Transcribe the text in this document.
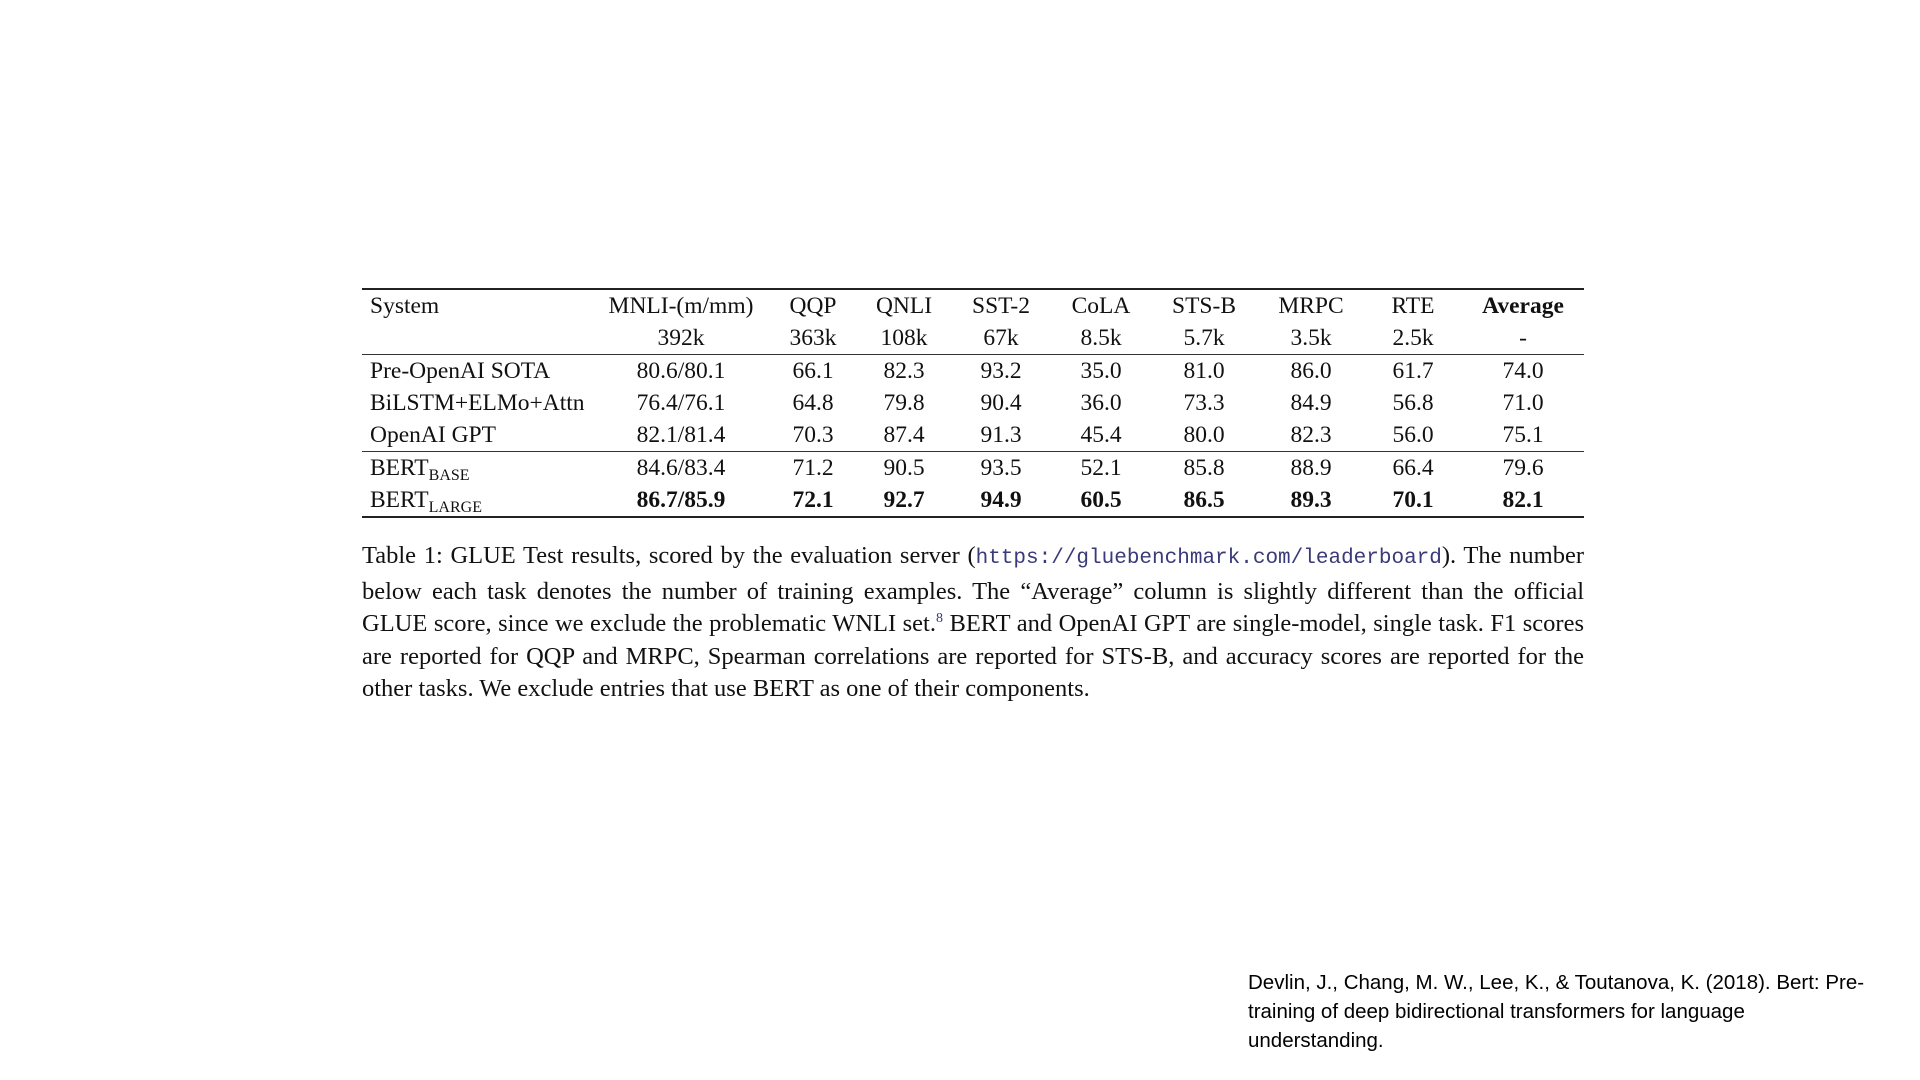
System	MNLI-(m/mm)	QQP	QNLI	SST-2	CoLA	STS-B	MRPC	RTE	Average
	392k	363k	108k	67k	8.5k	5.7k	3.5k	2.5k	-
Pre-OpenAI SOTA	80.6/80.1	66.1	82.3	93.2	35.0	81.0	86.0	61.7	74.0
BiLSTM+ELMo+Attn	76.4/76.1	64.8	79.8	90.4	36.0	73.3	84.9	56.8	71.0
OpenAI GPT	82.1/81.4	70.3	87.4	91.3	45.4	80.0	82.3	56.0	75.1
$BERT_{BASE}$	84.6/83.4	71.2	90.5	93.5	52.1	85.8	88.9	66.4	79.6
$BERT_{LARGE}$	86.7/85.9	72.1	92.7	94.9	60.5	86.5	89.3	70.1	82.1
Table 1: GLUE Test results, scored by the evaluation server (https://gluebenchmark.com/leaderboard). The number below each task denotes the number of training examples. The “Average” column is slightly different than the official GLUE score, since we exclude the problematic WNLI set.$^8$ BERT and OpenAI GPT are single-model, single task. F1 scores are reported for QQP and MRPC, Spearman correlations are reported for STS-B, and accuracy scores are reported for the other tasks. We exclude entries that use BERT as one of their components.
Devlin, J., Chang, M. W., Lee, K., & Toutanova, K. (2018). Bert: Pre-training of deep bidirectional transformers for language understanding.
